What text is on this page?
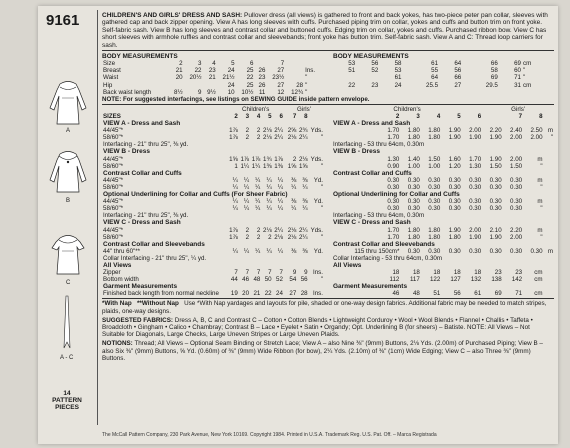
9161
A
B
C
A - C
14
PATTERN PIECES
CHILDREN'S AND GIRLS' DRESS AND SASH: Pullover dress (all views) is gathered to front and back yokes, has two-piece peter pan collar, sleeves with gathered cap and back zipper opening. View A has long sleeves with cuffs. Purchased piping trim on collar, yokes and cuffs and button trim on front yoke. Self-fabric sash. View B has long sleeves and contrast collar and buttoned cuffs. Edging trim on collar, yokes and cuffs. Purchased ribbon bow. View C has short sleeves with armhole ruffles and contrast collar and sleevebands; front yoke has button trim. Self-fabric sash. View A and C: Thread loop carriers for sash.
BODY MEASUREMENTS
Size	2	3	4	5	6		7			
Breast	21	22	23	24	25	26	27		Ins.	
Waist	20	20½	21	21½	22	23	23½		"	
Hip				24	25	26	27	28	"	
Back waist length	8½	9	9½	10	10½	11	12	12¾	"	
BODY MEASUREMENTS

53	56	58	61	64	66	69	cm	
51	52	53	55	56	58	60	"	
		61	64	66	69	71	"	
22	23	24	25.5	27	29.5	31	cm	
NOTE: For suggested interfacings, see listings on SEWING GUIDE inside pattern envelope.
	Children's					Girls'			
SIZES	2	3	4	5	6		7	8	
VIEW A - Dress and Sash									
44/45"*	1⅞	2	2	2⅛	2¼		2⅝	2¾	Yds.
58/60"*	1⅞	2	2	2⅛	2¼		2⅛	2¼	"
Interfacing - 21" thru 25", ⅜ yd.									
VIEW B - Dress									
44/45"*	1⅝	1⅞	1⅞	1¾	1⅞		2	2⅛	Yds.
58/60"*	1	1¼	1¼	1⅜	1⅜		1⅝	1⅝	"
Contrast Collar and Cuffs									
44/45"*	¼	¼	¼	¼	¼		⅜	⅜	Yd.
58/60"*	¼	¼	¼	¼	¼		¼	¼	"
Optional Underlining for Collar and Cuffs (For Sheer Fabric)									
44/45"*	¼	¼	¼	¼	¼		⅜	⅜	Yd.
58/60"*	¼	¼	¼	¼	¼		¼	¼	"
Interfacing - 21" thru 25", ⅜ yd.									
VIEW C - Dress and Sash									
44/45"*	1⅞	2	2	2⅛	2¼		2⅛	2¼	Yds.
58/60"*	1⅞	2	2	2	2⅛		2⅛	2¼	"
Contrast Collar and Sleevebands									
44" thru 60"**	¼	¼	¼	¼	¼		⅜	⅜	Yd.
Collar Interfacing - 21" thru 25", ¼ yd.									
All Views									
Zipper	7	7	7	7	7		9	9	Ins.
Bottom width	44	46	48	50	52		54	56	"
Garment Measurements									
Finished back length from normal neckline	19	20	21	22	24		27	28	Ins.
Children's					Girls'			
2	3	4	5	6		7	8	
VIEW A - Dress and Sash								
1.70	1.80	1.80	1.90	2.00	2.20	2.40	2.50	m
1.70	1.80	1.80	1.90	1.90	1.90	2.00	2.00	"
Interfacing - 53 thru 64cm, 0.30m								
VIEW B - Dress								
1.30	1.40	1.50	1.60	1.70	1.90	2.00	m	
0.90	1.00	1.00	1.20	1.30	1.50	1.50	"	
Contrast Collar and Cuffs								
0.30	0.30	0.30	0.30	0.30	0.30	0.30	m	
0.30	0.30	0.30	0.30	0.30	0.30	0.30	"	
Optional Underlining for Collar and Cuffs								
0.30	0.30	0.30	0.30	0.30	0.30	0.30	m	
0.30	0.30	0.30	0.30	0.30	0.30	0.30	"	
Interfacing - 53 thru 64cm, 0.30m								
VIEW C - Dress and Sash								
1.70	1.80	1.80	1.90	2.00	2.10	2.20	m	
1.70	1.80	1.80	1.80	1.90	1.90	2.00	"	
Contrast Collar and Sleevebands								
115 thru 150cm*	0.30	0.30	0.30	0.30	0.30	0.30	0.30	m
Collar Interfacing - 53 thru 64cm, 0.30m								
All Views								
18	18	18	18	18	23	23	cm	
112	117	122	127	132	138	142	cm	
Garment Measurements								
46	48	51	56	61	69	71	cm	
*With Nap **Without Nap Use *With Nap yardages and layouts for pile, shaded or one-way design fabrics. Additional fabric may be needed to match stripes, plaids, one-way designs.
SUGGESTED FABRICS: Dress A, B, C and Contrast C – Cotton • Cotton Blends • Lightweight Corduroy • Wool • Wool Blends • Flannel • Challis • Taffeta • Broadcloth • Gingham • Calico • Chambray; Contrast B – Lace • Eyelet • Satin • Organdy; Opt. Underlining B (for sheers) – Batiste. NOTE: All Views – Not Suitable for Diagonals, Large Checks, Large Uneven Stripes or Large Uneven Plaids.
NOTIONS: Thread; All Views – Optional Seam Binding or Stretch Lace; View A – also Nine ⅜" (9mm) Buttons, 2⅛ Yds. (2.00m) of Purchased Piping; View B – also Six ⅜" (9mm) Buttons, ⅝ Yd. (0.60m) of ⅜" (9mm) Wide Ribbon (for bow), 2¼ Yds. (2.10m) of ⅜" (1cm) Wide Edging; View C – also Three ⅜" (9mm) Buttons.
The McCall Pattern Company, 230 Park Avenue, New York 10169. Copyright 1984. Printed in U.S.A. Trademark Reg. U.S. Pat. Off. – Marca Registrada
